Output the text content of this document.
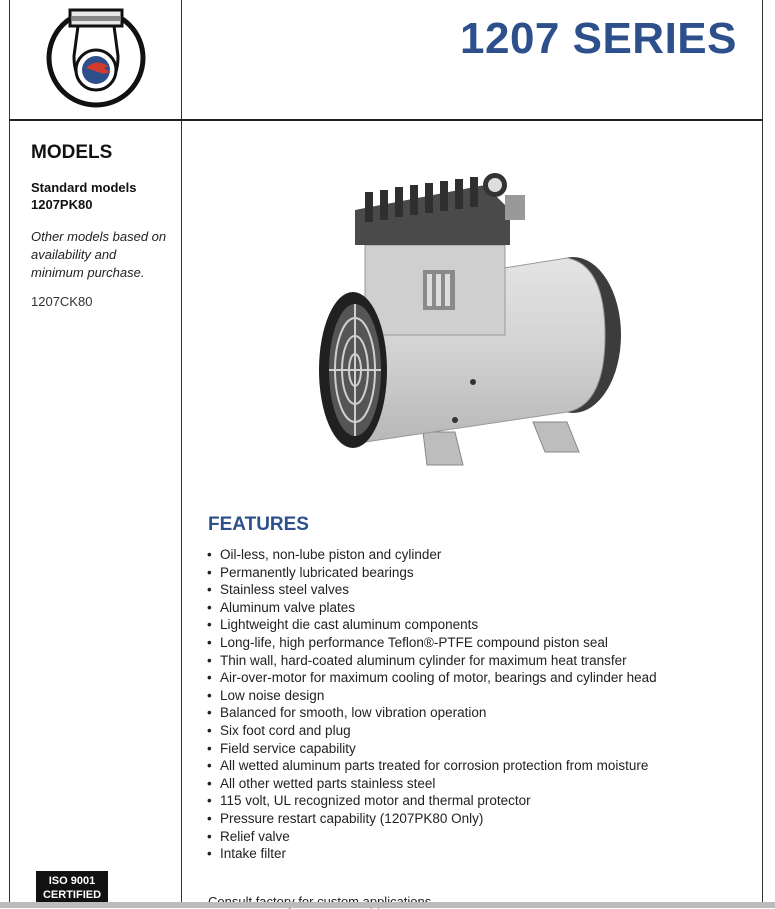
1207 SERIES
MODELS
Standard models
1207PK80
Other models based on availability and minimum purchase.
1207CK80
FEATURES
• Oil-less, non-lube piston and cylinder
• Permanently lubricated bearings
• Stainless steel valves
• Aluminum valve plates
• Lightweight die cast aluminum components
• Long-life, high performance Teflon®-PTFE compound piston seal
• Thin wall, hard-coated aluminum cylinder for maximum heat transfer
• Air-over-motor for maximum cooling of motor, bearings and cylinder head
• Low noise design
• Balanced for smooth, low vibration operation
• Six foot cord and plug
• Field service capability
• All wetted aluminum parts treated for corrosion protection from moisture
• All other wetted parts stainless steel
• 115 volt, UL recognized motor and thermal protector
• Pressure restart capability (1207PK80 Only)
• Relief valve
• Intake filter
ISO 9001
CERTIFIED
